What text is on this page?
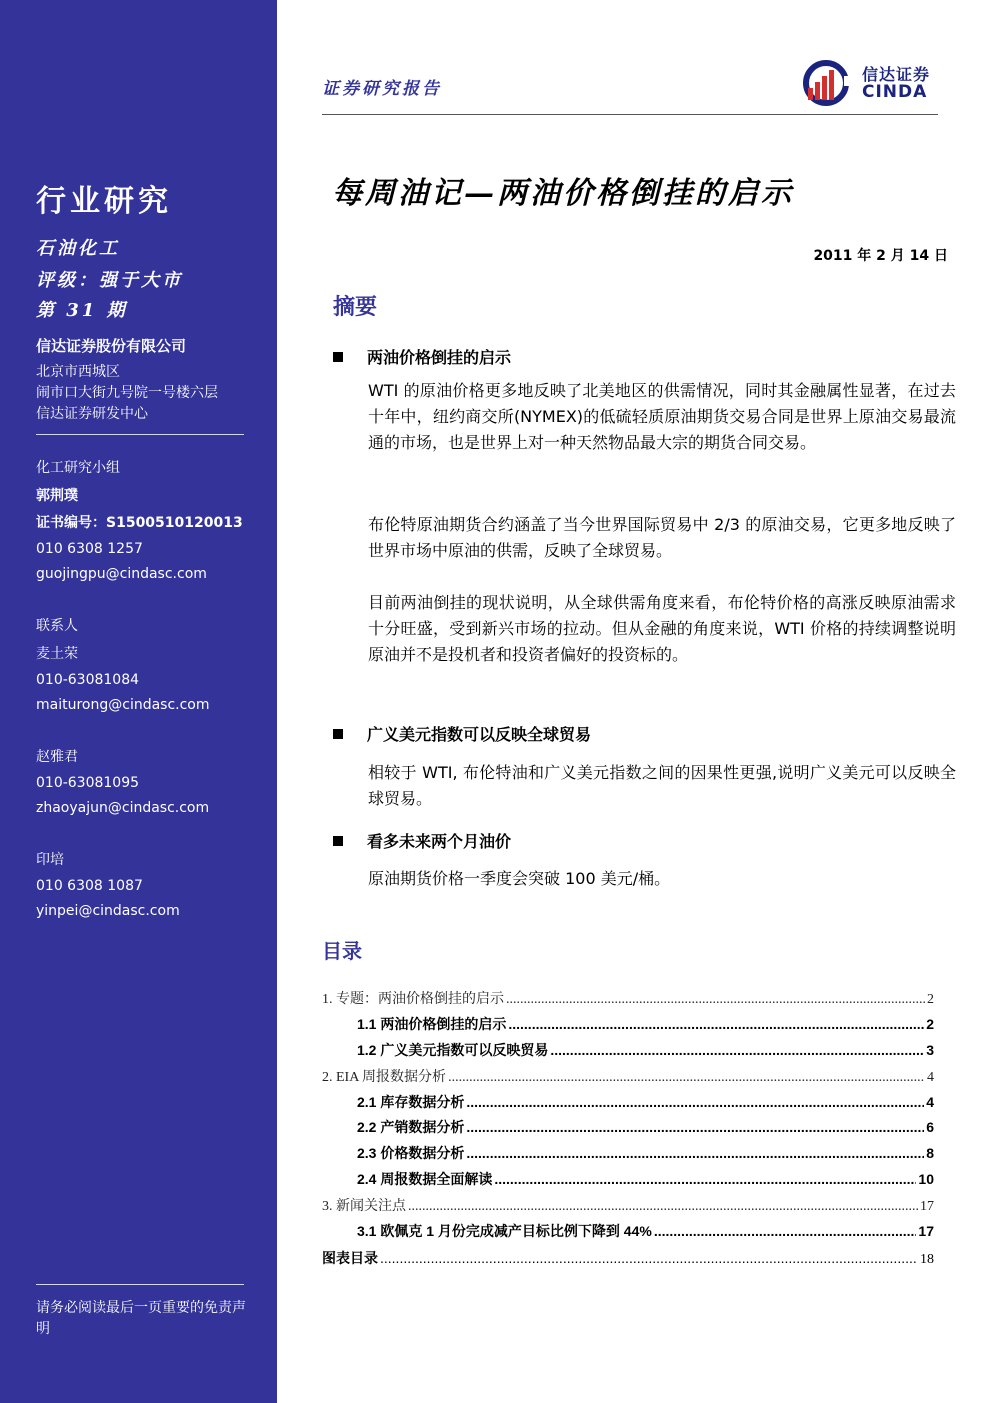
行业研究
石油化工
评级：强于大市
第 31 期
信达证券股份有限公司
北京市西城区
闹市口大街九号院一号楼六层
信达证券研发中心
化工研究小组
郭荆璞
证书编号：S1500510120013
010 6308 1257
guojingpu@cindasc.com
联系人
麦土荣
010-63081084
maiturong@cindasc.com
赵雅君
010-63081095
zhaoyajun@cindasc.com
印培
010 6308 1087
yinpei@cindasc.com
请务必阅读最后一页重要的免责声明
证券研究报告
信达证券
CINDA
每周油记—两油价格倒挂的启示
2011 年 2 月 14 日
摘要
两油价格倒挂的启示
WTI 的原油价格更多地反映了北美地区的供需情况，同时其金融属性显著，在过去十年中，纽约商交所(NYMEX)的低硫轻质原油期货交易合同是世界上原油交易最流通的市场，也是世界上对一种天然物品最大宗的期货合同交易。
布伦特原油期货合约涵盖了当今世界国际贸易中 2/3 的原油交易，它更多地反映了世界市场中原油的供需，反映了全球贸易。
目前两油倒挂的现状说明，从全球供需角度来看，布伦特价格的高涨反映原油需求十分旺盛，受到新兴市场的拉动。但从金融的角度来说，WTI 价格的持续调整说明原油并不是投机者和投资者偏好的投资标的。
广义美元指数可以反映全球贸易
相较于 WTI, 布伦特油和广义美元指数之间的因果性更强,说明广义美元可以反映全球贸易。
看多未来两个月油价
原油期货价格一季度会突破 100 美元/桶。
目录
1. 专题：两油价格倒挂的启示 .....	2
1.1 两油价格倒挂的启示 .....	2
1.2 广义美元指数可以反映贸易 .....	3
2. EIA 周报数据分析 .....	4
2.1 库存数据分析 .....	4
2.2 产销数据分析 .....	6
2.3 价格数据分析 .....	8
2.4 周报数据全面解读 .....	10
3. 新闻关注点 .....	17
3.1 欧佩克 1 月份完成减产目标比例下降到 44% .....	17
图表目录 .....	18
